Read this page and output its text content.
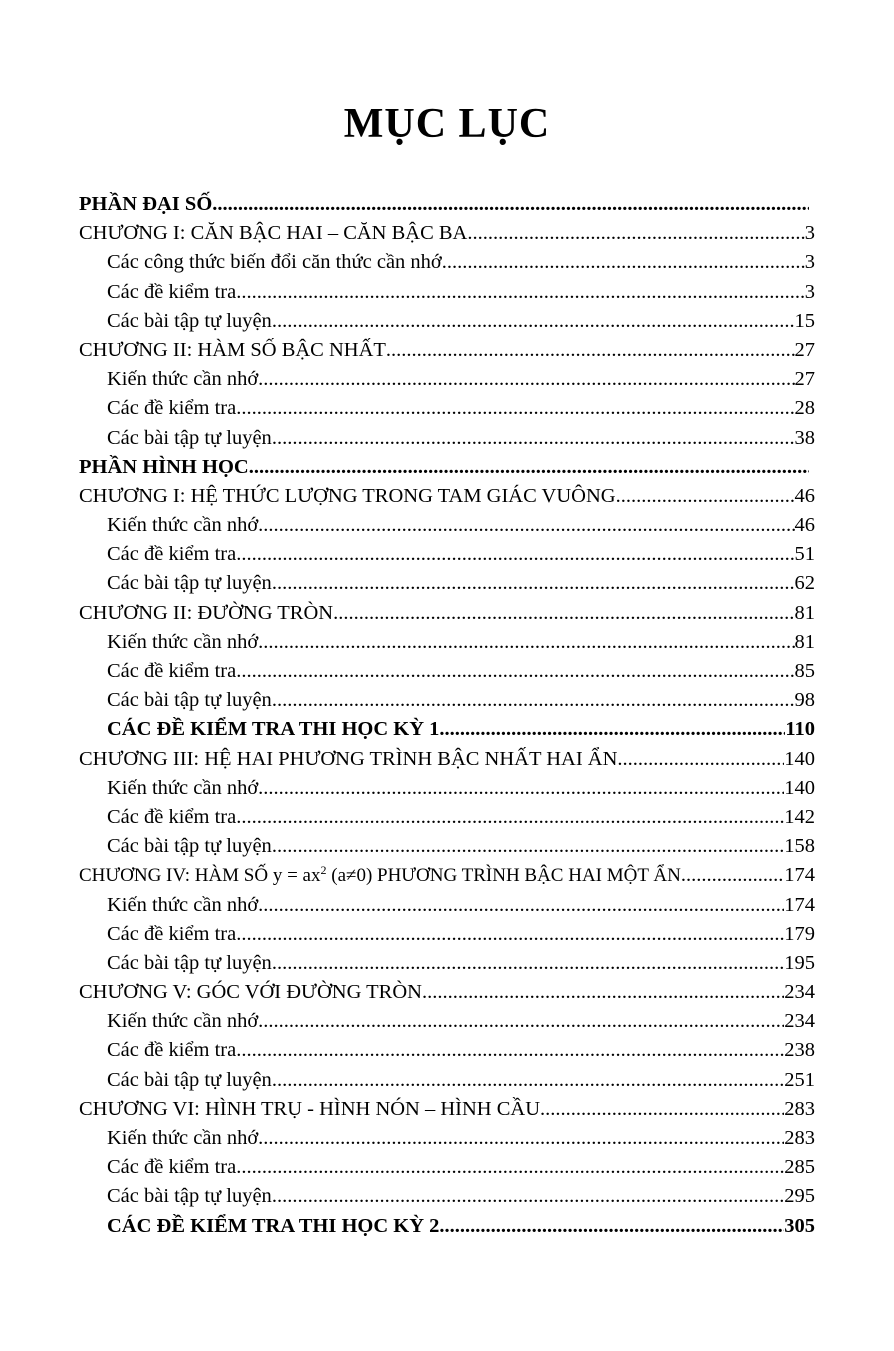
MỤC LỤC
PHẦN ĐẠI SỐ
.....
CHƯƠNG I: CĂN BẬC HAI – CĂN BẬC BA .....	3
Các công thức biến đổi căn thức cần nhớ .....	3
Các đề kiểm tra .....	3
Các bài tập tự luyện .....	15
CHƯƠNG II: HÀM SỐ BẬC NHẤT .....	27
Kiến thức cần nhớ .....	27
Các đề kiểm tra .....	28
Các bài tập tự luyện .....	38
PHẦN HÌNH HỌC
.....
CHƯƠNG I: HỆ THỨC LƯỢNG TRONG TAM GIÁC VUÔNG .....	46
Kiến thức cần nhớ .....	46
Các đề kiểm tra .....	51
Các bài tập tự luyện .....	62
CHƯƠNG II: ĐƯỜNG TRÒN .....	81
Kiến thức cần nhớ .....	81
Các đề kiểm tra .....	85
Các bài tập tự luyện .....	98
CÁC ĐỀ KIỂM TRA THI HỌC KỲ 1 .....	110
CHƯƠNG III: HỆ HAI PHƯƠNG TRÌNH BẬC NHẤT HAI ẨN .....	140
Kiến thức cần nhớ .....	140
Các đề kiểm tra .....	142
Các bài tập tự luyện .....	158
CHƯƠNG IV: HÀM SỐ $y = ax^2$ (a≠0) PHƯƠNG TRÌNH BẬC HAI MỘT ẨN .....	174
Kiến thức cần nhớ .....	174
Các đề kiểm tra .....	179
Các bài tập tự luyện .....	195
CHƯƠNG V: GÓC VỚI ĐƯỜNG TRÒN .....	234
Kiến thức cần nhớ .....	234
Các đề kiểm tra .....	238
Các bài tập tự luyện .....	251
CHƯƠNG VI: HÌNH TRỤ - HÌNH NÓN – HÌNH CẦU .....	283
Kiến thức cần nhớ .....	283
Các đề kiểm tra .....	285
Các bài tập tự luyện .....	295
CÁC ĐỀ KIỂM TRA THI HỌC KỲ 2 .....	305
